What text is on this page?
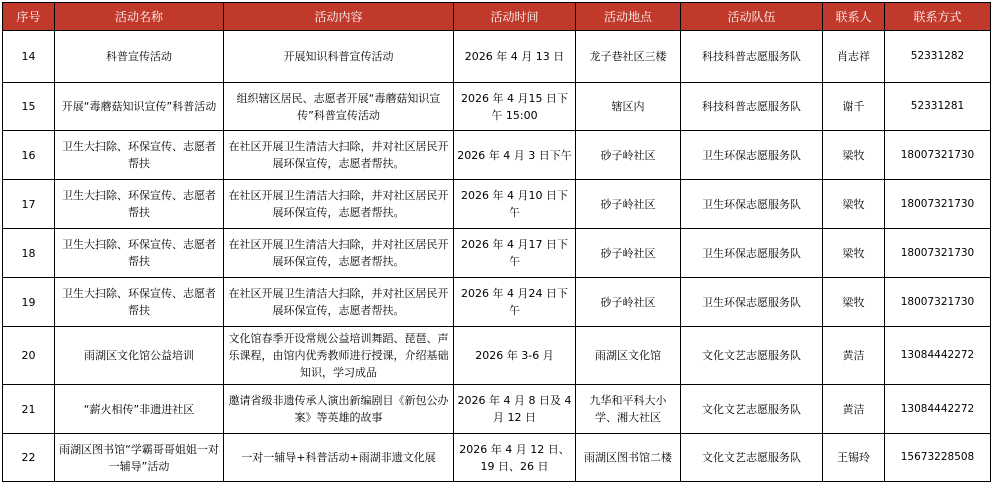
序号	活动名称	活动内容	活动时间	活动地点	活动队伍	联系人	联系方式
14	科普宣传活动	开展知识科普宣传活动	2026 年 4 月 13 日	龙子巷社区三楼	科技科普志愿服务队	肖志祥	52331282
15	开展“毒蘑菇知识宣传”科普活动	组织辖区居民、志愿者开展“毒蘑菇知识宣传”科普宣传活动	2026 年 4 月15 日下午 15:00	辖区内	科技科普志愿服务队	谢千	52331281
16	卫生大扫除、环保宣传、志愿者帮扶	在社区开展卫生清洁大扫除，并对社区居民开展环保宣传，志愿者帮扶。	2026 年 4 月 3 日下午	砂子岭社区	卫生环保志愿服务队	梁牧	18007321730
17	卫生大扫除、环保宣传、志愿者帮扶	在社区开展卫生清洁大扫除，并对社区居民开展环保宣传，志愿者帮扶。	2026 年 4 月10 日下午	砂子岭社区	卫生环保志愿服务队	梁牧	18007321730
18	卫生大扫除、环保宣传、志愿者帮扶	在社区开展卫生清洁大扫除，并对社区居民开展环保宣传，志愿者帮扶。	2026 年 4 月17 日下午	砂子岭社区	卫生环保志愿服务队	梁牧	18007321730
19	卫生大扫除、环保宣传、志愿者帮扶	在社区开展卫生清洁大扫除，并对社区居民开展环保宣传，志愿者帮扶。	2026 年 4 月24 日下午	砂子岭社区	卫生环保志愿服务队	梁牧	18007321730
20	雨湖区文化馆公益培训	文化馆春季开设常规公益培训舞蹈、琵琶、声乐课程，由馆内优秀教师进行授课，介绍基础知识，学习成品	2026 年 3-6 月	雨湖区文化馆	文化文艺志愿服务队	黄洁	13084442272
21	“薪火相传”非遗进社区	邀请省级非遗传承人演出新编剧目《新包公办案》等英雄的故事	2026 年 4 月 8 日及 4 月 12 日	九华和平科大小学、湘大社区	文化文艺志愿服务队	黄洁	13084442272
22	雨湖区图书馆“学霸哥哥姐姐一对一辅导”活动	一对一辅导+科普活动+雨湖非遗文化展	2026 年 4 月 12 日、19 日、26 日	雨湖区图书馆二楼	文化文艺志愿服务队	王锡玲	15673228508
